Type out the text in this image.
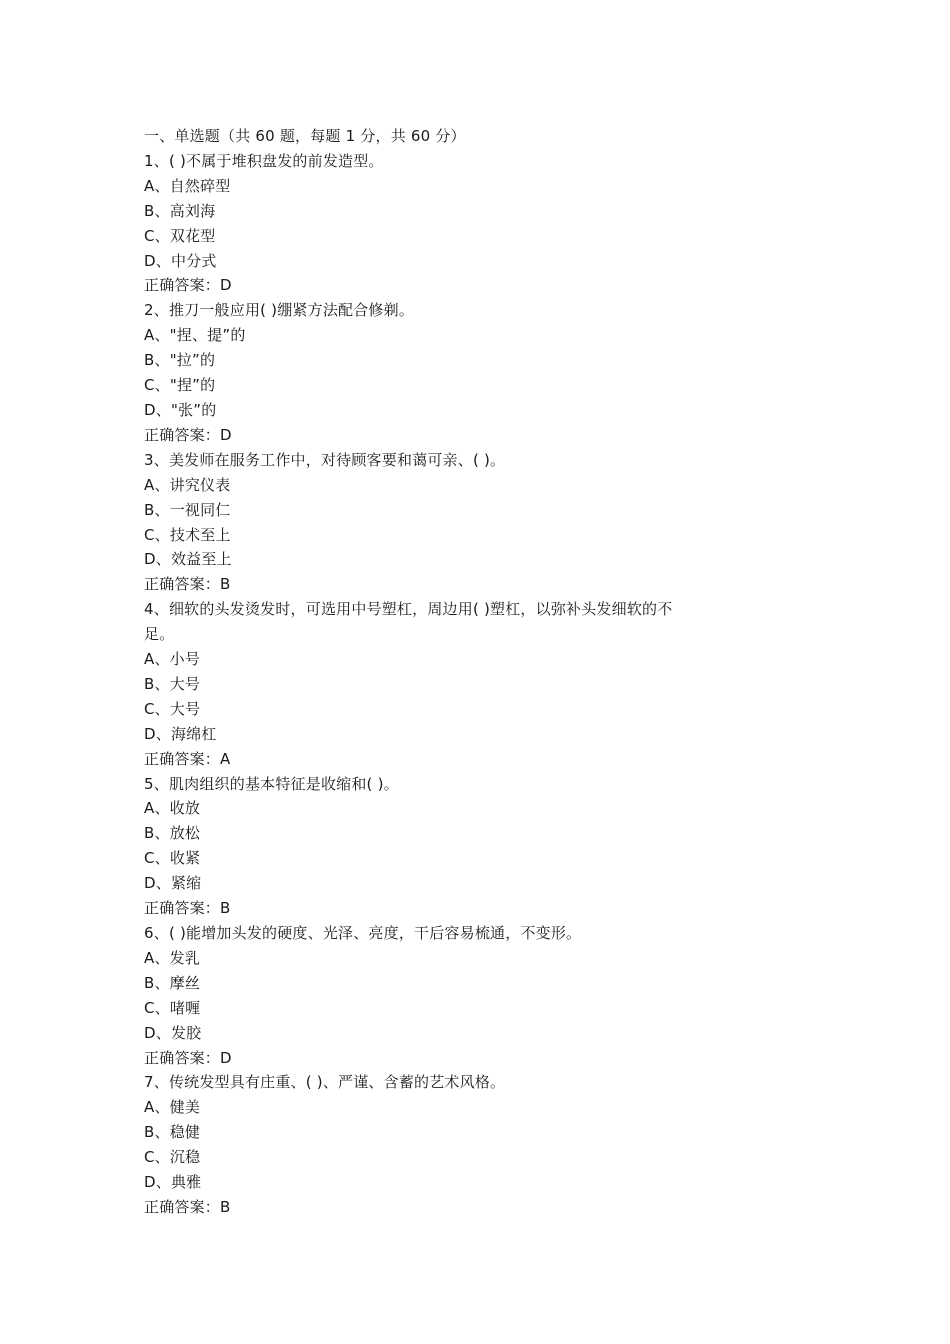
一、单选题（共 60 题，每题 1 分，共 60 分）
1、( )不属于堆积盘发的前发造型。
A、自然碎型
B、高刘海
C、双花型
D、中分式
正确答案：D
2、推刀一般应用( )绷紧方法配合修剃。
A、"捏、提”的
B、"拉”的
C、"捏”的
D、"张”的
正确答案：D
3、美发师在服务工作中，对待顾客要和蔼可亲、( )。
A、讲究仪表
B、一视同仁
C、技术至上
D、效益至上
正确答案：B
4、细软的头发烫发时，可选用中号塑杠，周边用( )塑杠，以弥补头发细软的不足。
A、小号
B、大号
C、大号
D、海绵杠
正确答案：A
5、肌肉组织的基本特征是收缩和( )。
A、收放
B、放松
C、收紧
D、紧缩
正确答案：B
6、( )能增加头发的硬度、光泽、亮度，干后容易梳通，不变形。
A、发乳
B、摩丝
C、啫喱
D、发胶
正确答案：D
7、传统发型具有庄重、( )、严谨、含蓄的艺术风格。
A、健美
B、稳健
C、沉稳
D、典雅
正确答案：B
